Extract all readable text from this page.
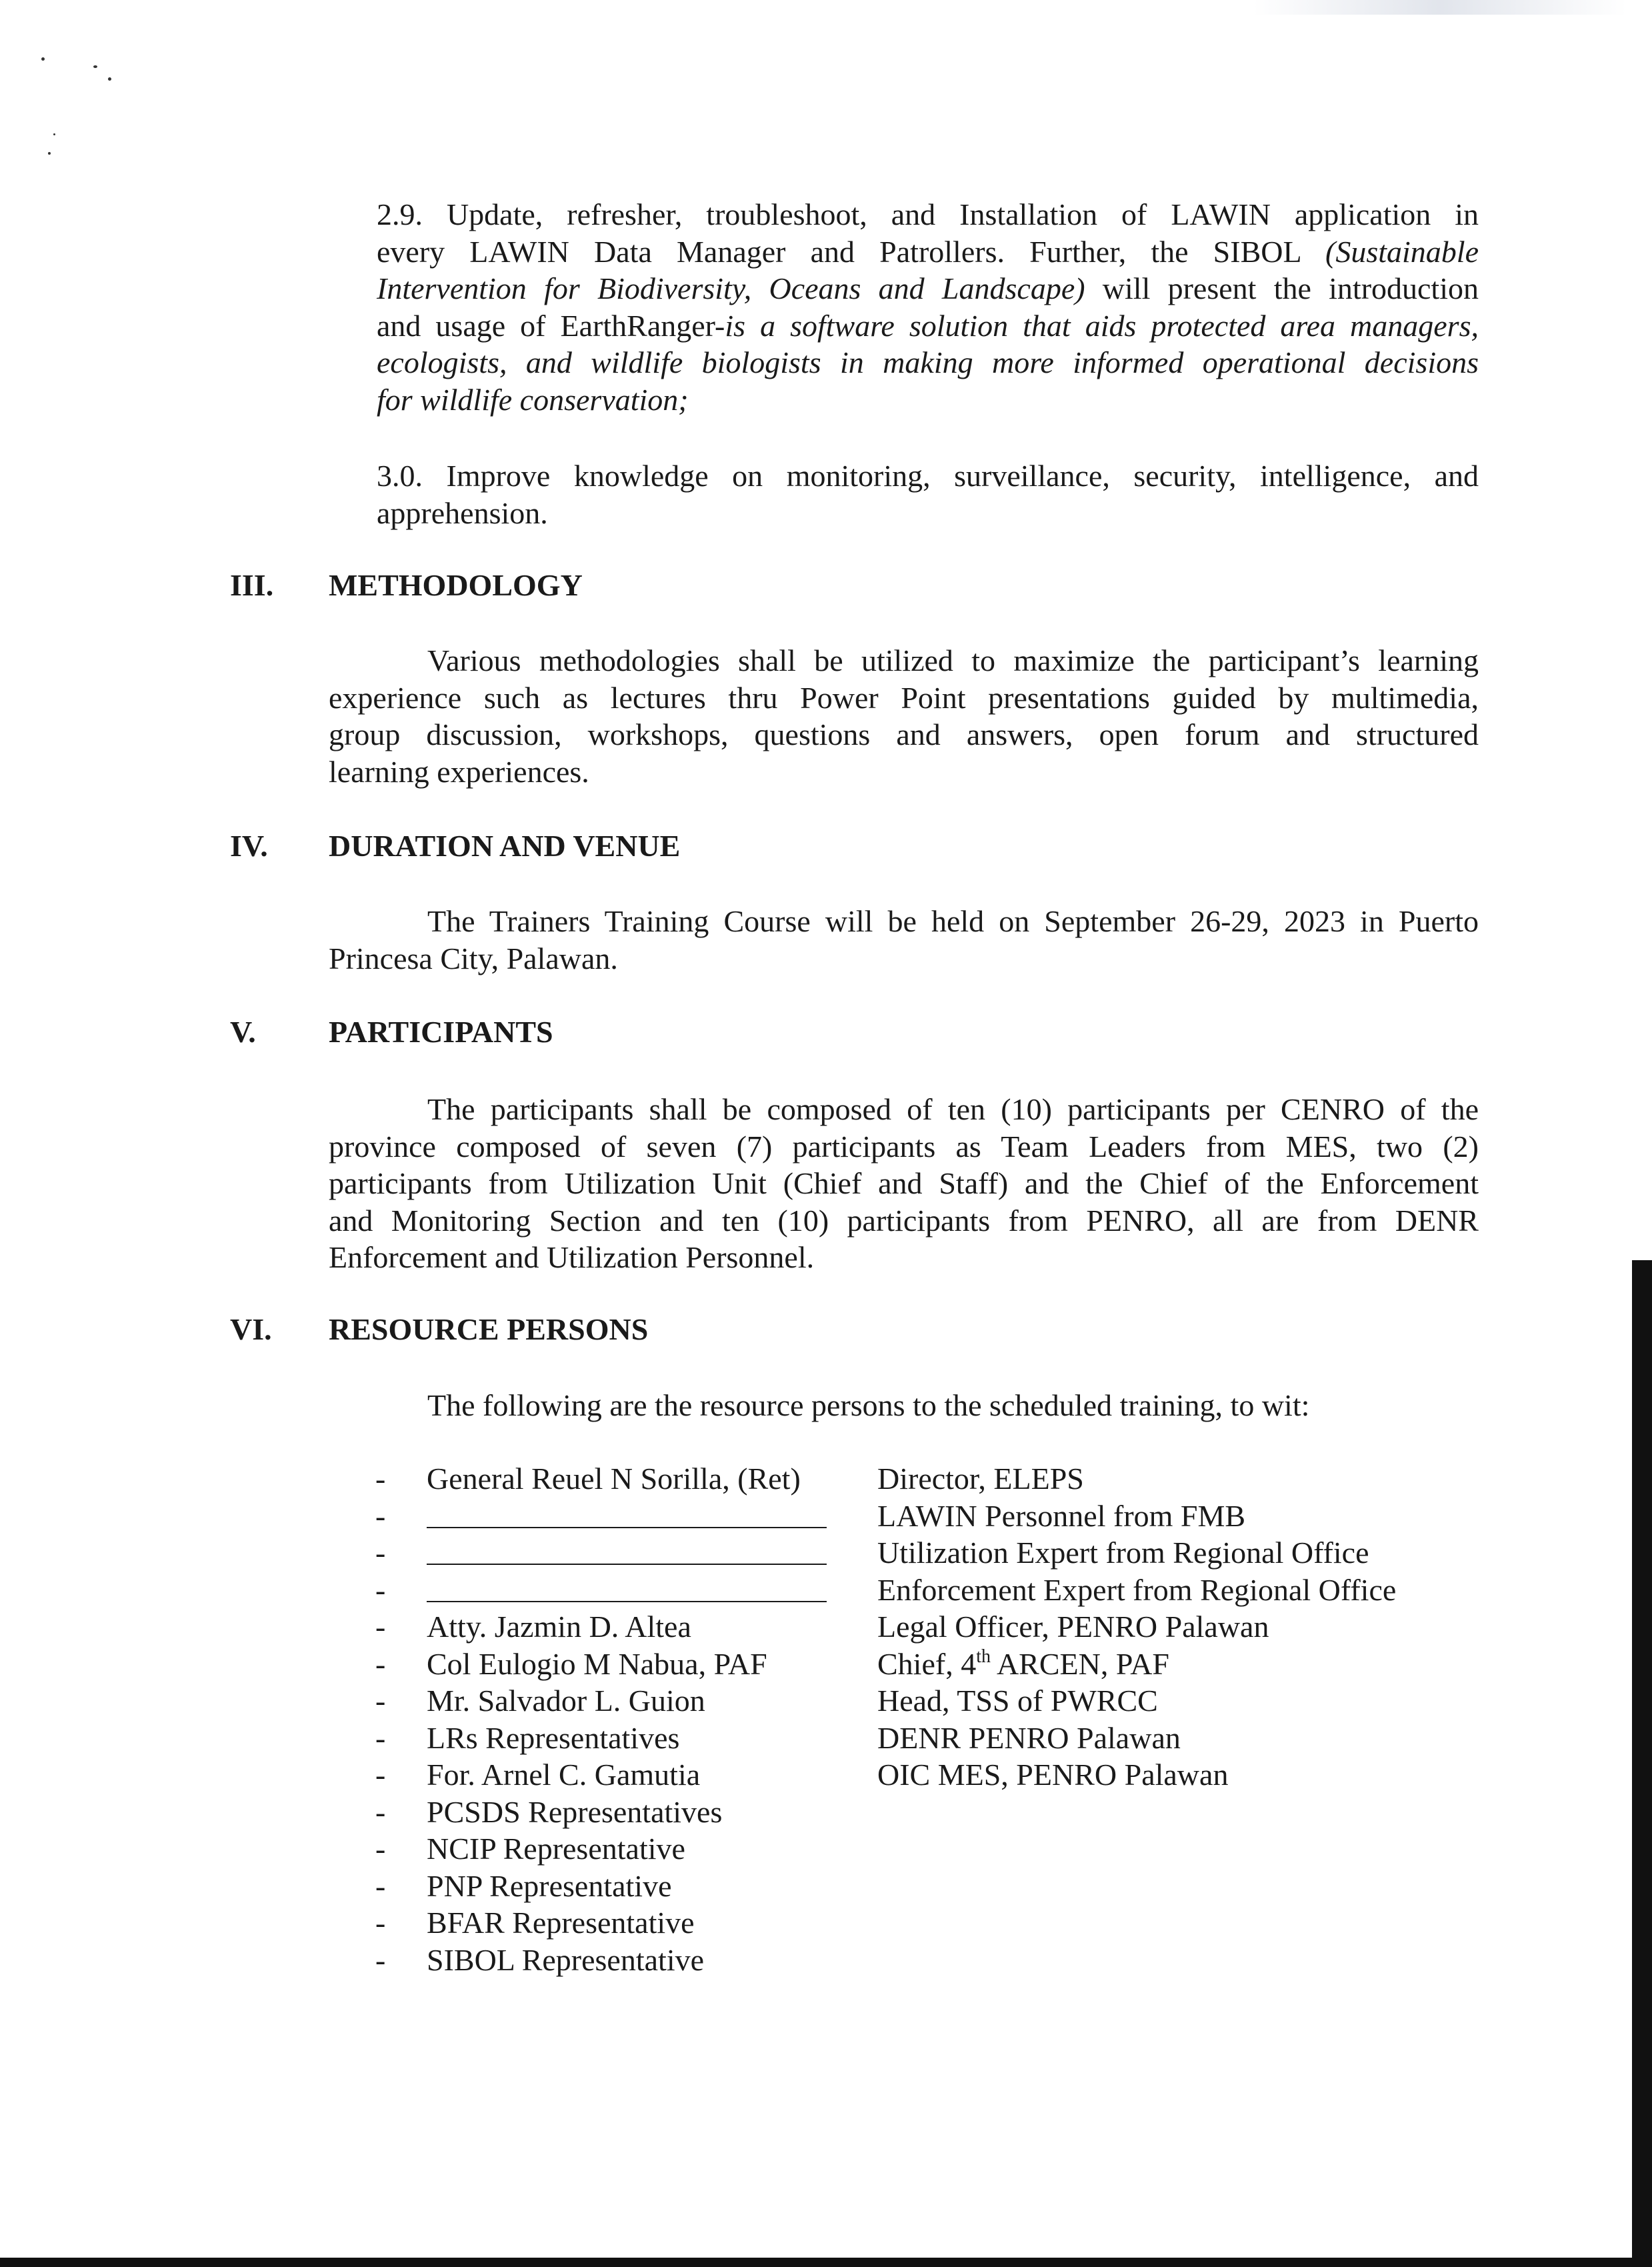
2.9. Update, refresher, troubleshoot, and Installation of LAWIN application in
every LAWIN Data Manager and Patrollers. Further, the SIBOL (Sustainable
Intervention for Biodiversity, Oceans and Landscape) will present the introduction
and usage of EarthRanger-is a software solution that aids protected area managers,
ecologists, and wildlife biologists in making more informed operational decisions
for wildlife conservation;
3.0. Improve knowledge on monitoring, surveillance, security, intelligence, and
apprehension.
III. METHODOLOGY
Various methodologies shall be utilized to maximize the participant’s learning
experience such as lectures thru Power Point presentations guided by multimedia,
group discussion, workshops, questions and answers, open forum and structured
learning experiences.
IV. DURATION AND VENUE
The Trainers Training Course will be held on September 26-29, 2023 in Puerto
Princesa City, Palawan.
V. PARTICIPANTS
The participants shall be composed of ten (10) participants per CENRO of the
province composed of seven (7) participants as Team Leaders from MES, two (2)
participants from Utilization Unit (Chief and Staff) and the Chief of the Enforcement
and Monitoring Section and ten (10) participants from PENRO, all are from DENR
Enforcement and Utilization Personnel.
VI. RESOURCE PERSONS
The following are the resource persons to the scheduled training, to wit:
- General Reuel N Sorilla, (Ret)	Director, ELEPS
-	LAWIN Personnel from FMB
-	Utilization Expert from Regional Office
-	Enforcement Expert from Regional Office
- Atty. Jazmin D. Altea	Legal Officer, PENRO Palawan
- Col Eulogio M Nabua, PAF	Chief, 4th ARCEN, PAF
- Mr. Salvador L. Guion	Head, TSS of PWRCC
- LRs Representatives	DENR PENRO Palawan
- For. Arnel C. Gamutia	OIC MES, PENRO Palawan
- PCSDS Representatives
- NCIP Representative
- PNP Representative
- BFAR Representative
- SIBOL Representative
